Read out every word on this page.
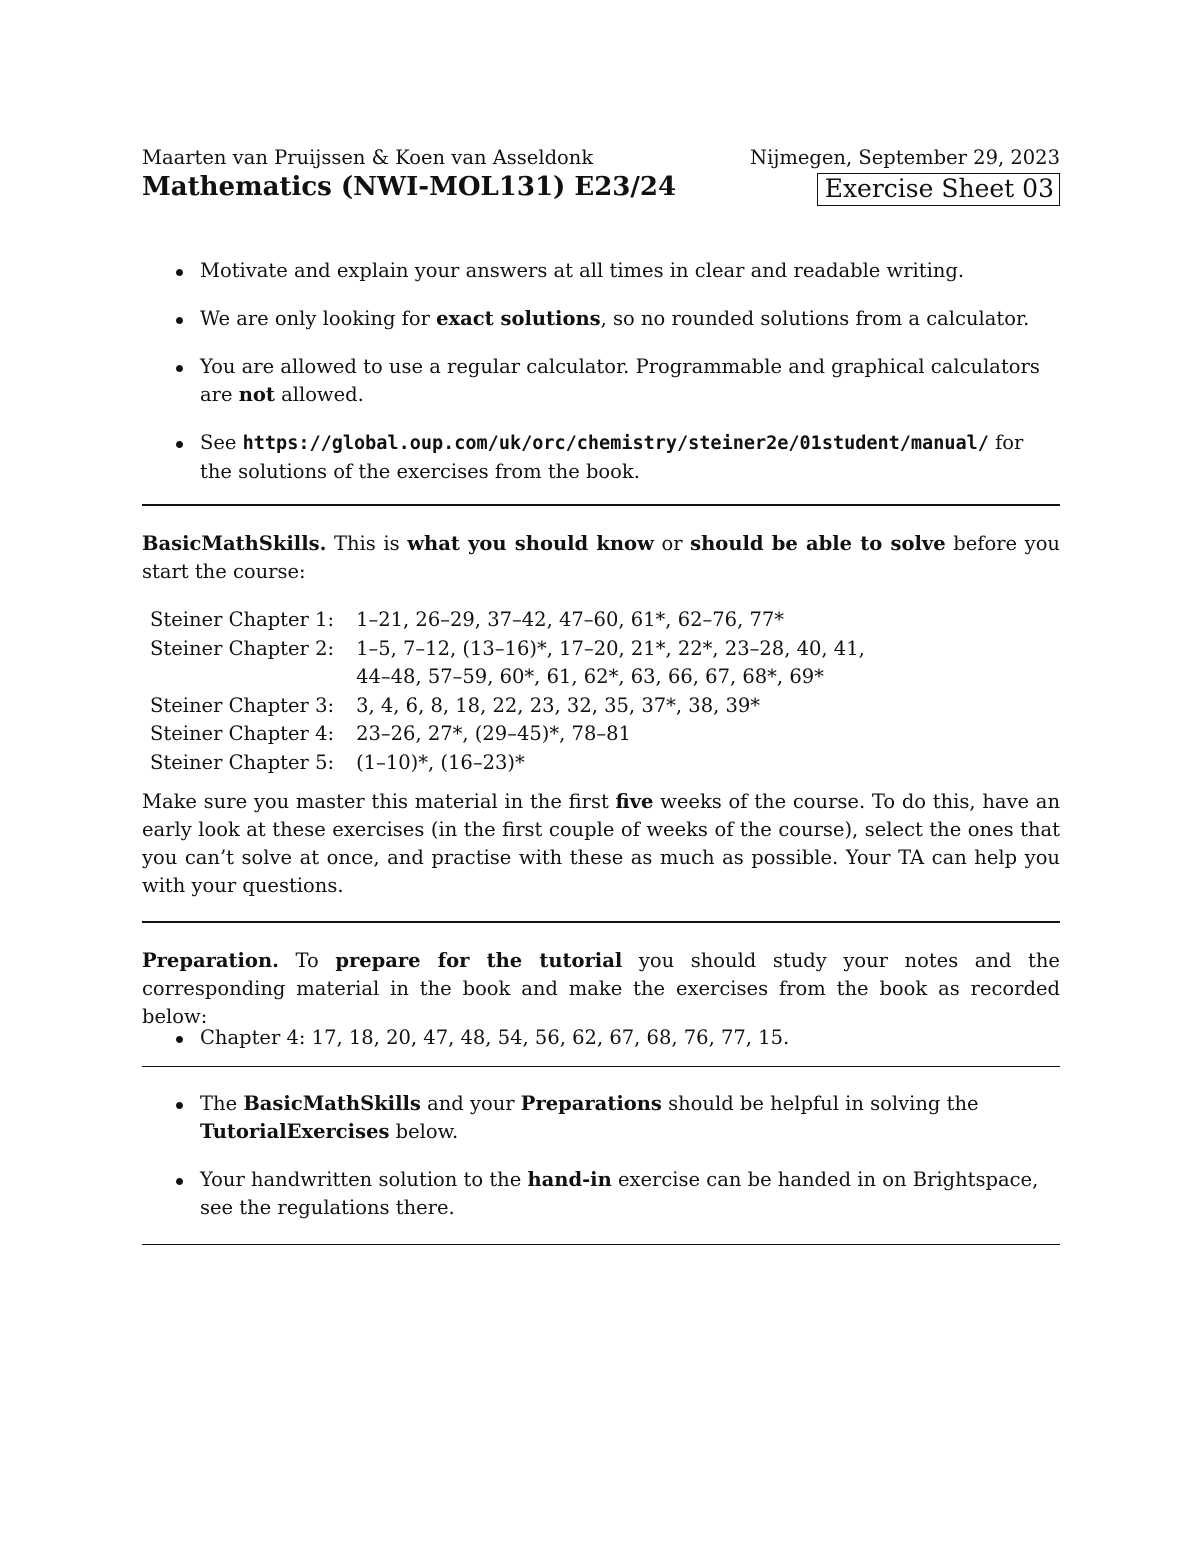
Maarten van Pruijssen & Koen van Asseldonk	Nijmegen, September 29, 2023
Mathematics (NWI-MOL131) E23/24	Exercise Sheet 03
Motivate and explain your answers at all times in clear and readable writing.
We are only looking for exact solutions, so no rounded solutions from a calculator.
You are allowed to use a regular calculator. Programmable and graphical calculators are not allowed.
See https://global.oup.com/uk/orc/chemistry/steiner2e/01student/manual/ for the solutions of the exercises from the book.
BasicMathSkills. This is what you should know or should be able to solve before you start the course:
Steiner Chapter 1:	1–21, 26–29, 37–42, 47–60, 61*, 62–76, 77*

Steiner Chapter 2:	1–5, 7–12, (13–16)*, 17–20, 21*, 22*, 23–28, 40, 41,
44–48, 57–59, 60*, 61, 62*, 63, 66, 67, 68*, 69*

Steiner Chapter 3:	3, 4, 6, 8, 18, 22, 23, 32, 35, 37*, 38, 39*

Steiner Chapter 4:	23–26, 27*, (29–45)*, 78–81

Steiner Chapter 5:	(1–10)*, (16–23)*
Make sure you master this material in the first five weeks of the course. To do this, have an early look at these exercises (in the first couple of weeks of the course), select the ones that you can’t solve at once, and practise with these as much as possible. Your TA can help you with your questions.
Preparation. To prepare for the tutorial you should study your notes and the corresponding material in the book and make the exercises from the book as recorded below:
Chapter 4: 17, 18, 20, 47, 48, 54, 56, 62, 67, 68, 76, 77, 15.
The BasicMathSkills and your Preparations should be helpful in solving the TutorialExercises below.
Your handwritten solution to the hand-in exercise can be handed in on Brightspace, see the regulations there.
